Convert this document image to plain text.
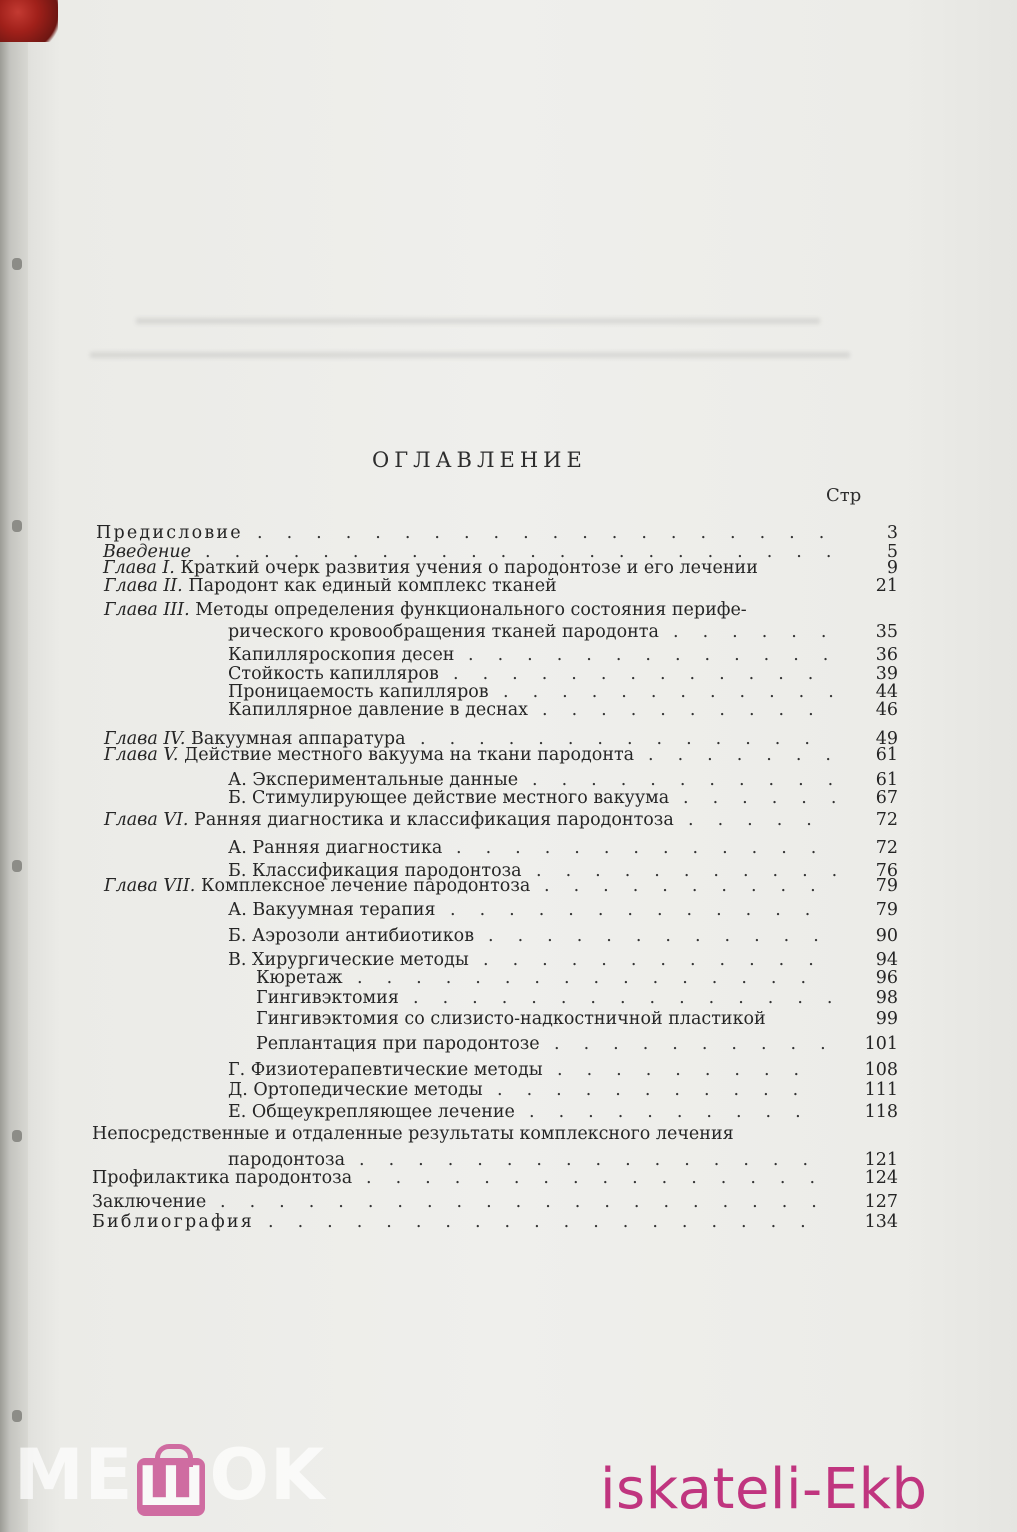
ОГЛАВЛЕНИЕ
Стр
....................
Предисловие	3
......................
Введение	5
Глава I. Краткий очерк развития учения о пародонтозе и его лечении	9
Глава II. Пародонт как единый комплекс тканей	21
Глава III. Методы определения функционального состояния перифе-
......
рического кровообращения тканей пародонта	35
.............
Капилляроскопия десен	36
.............
Стойкость капилляров	39
............
Проницаемость капилляров	44
..........
Капиллярное давление в деснах	46
..............
Глава IV. Вакуумная аппаратура	49
.......
Глава V. Действие местного вакуума на ткани пародонта	61
...........
А. Экспериментальные данные	61
......
Б. Стимулирующее действие местного вакуума	67
.....
Глава VI. Ранняя диагностика и классификация пародонтоза	72
.............
А. Ранняя диагностика	72
...........
Б. Классификация пародонтоза	76
..........
Глава VII. Комплексное лечение пародонтоза	79
.............
А. Вакуумная терапия	79
............
Б. Аэрозоли антибиотиков	90
............
В. Хирургические методы	94
................
Кюретаж	96
...............
Гингивэктомия	98
Гингивэктомия со слизисто-надкостничной пластикой	99
..........
Реплантация при пародонтозе	101
.........
Г. Физиотерапевтические методы	108
...........
Д. Ортопедические методы	111
..........
Е. Общеукрепляющее лечение	118
Непосредственные и отдаленные результаты комплексного лечения
................
пародонтоза	121
................
Профилактика пародонтоза	124
.....................
Заключение	127
...................
Библиография	134
MEШOK	iskateli-Ekb
